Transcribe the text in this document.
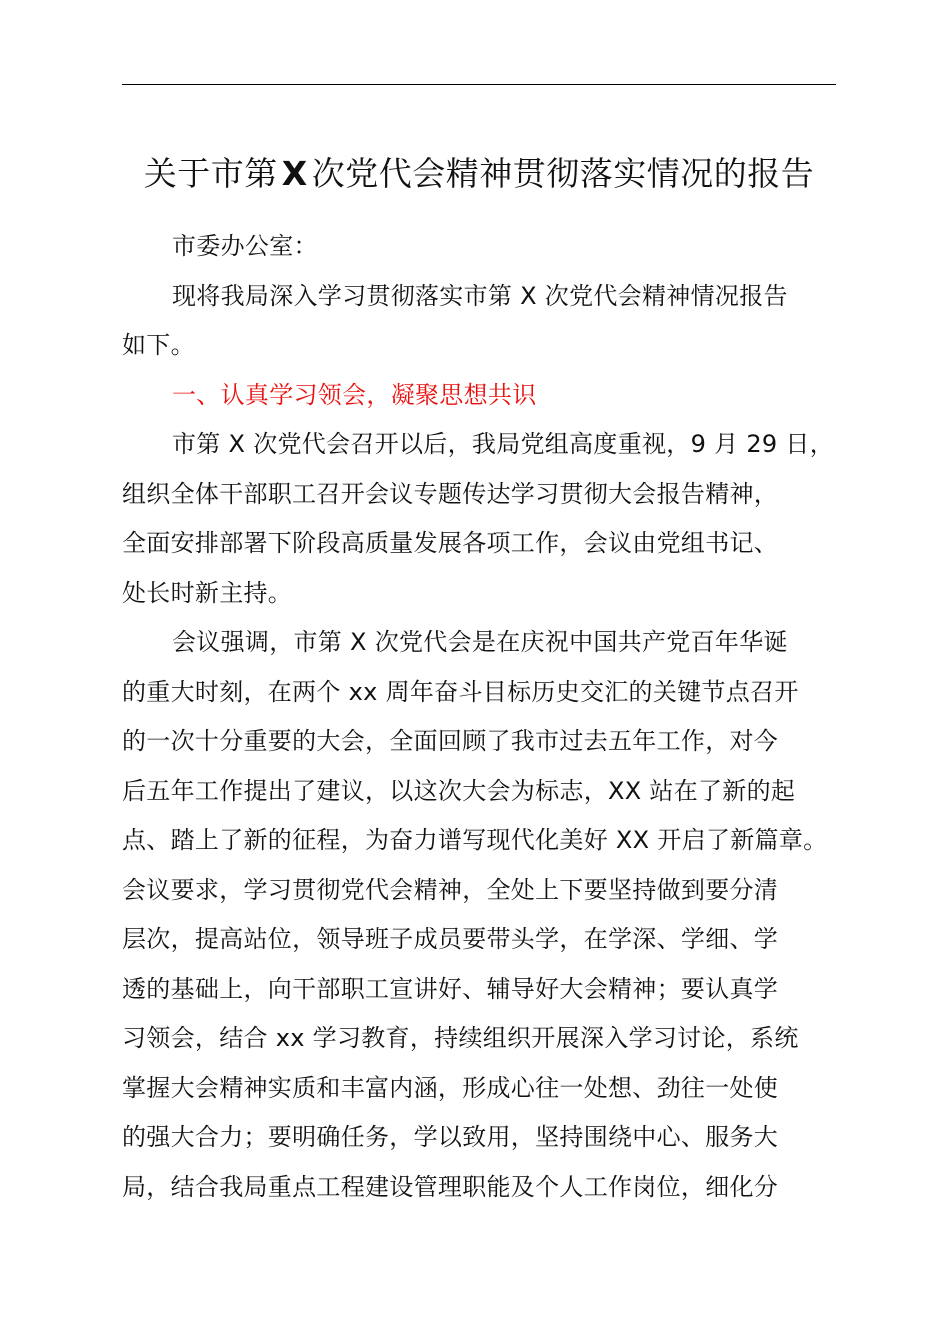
关于市第 X 次党代会精神贯彻落实情况的报告

市委办公室：

现将我局深入学习贯彻落实市第 X 次党代会精神情况报告
如下。

一、认真学习领会，凝聚思想共识

市第 X 次党代会召开以后，我局党组高度重视，9 月 29 日，
组织全体干部职工召开会议专题传达学习贯彻大会报告精神，
全面安排部署下阶段高质量发展各项工作，会议由党组书记、
处长时新主持。

会议强调，市第 X 次党代会是在庆祝中国共产党百年华诞
的重大时刻，在两个 xx 周年奋斗目标历史交汇的关键节点召开
的一次十分重要的大会，全面回顾了我市过去五年工作，对今
后五年工作提出了建议，以这次大会为标志，XX 站在了新的起
点、踏上了新的征程，为奋力谱写现代化美好 XX 开启了新篇章。
会议要求，学习贯彻党代会精神，全处上下要坚持做到要分清
层次，提高站位，领导班子成员要带头学，在学深、学细、学
透的基础上，向干部职工宣讲好、辅导好大会精神；要认真学
习领会，结合 xx 学习教育，持续组织开展深入学习讨论，系统
掌握大会精神实质和丰富内涵，形成心往一处想、劲往一处使
的强大合力；要明确任务，学以致用，坚持围绕中心、服务大
局，结合我局重点工程建设管理职能及个人工作岗位，细化分
